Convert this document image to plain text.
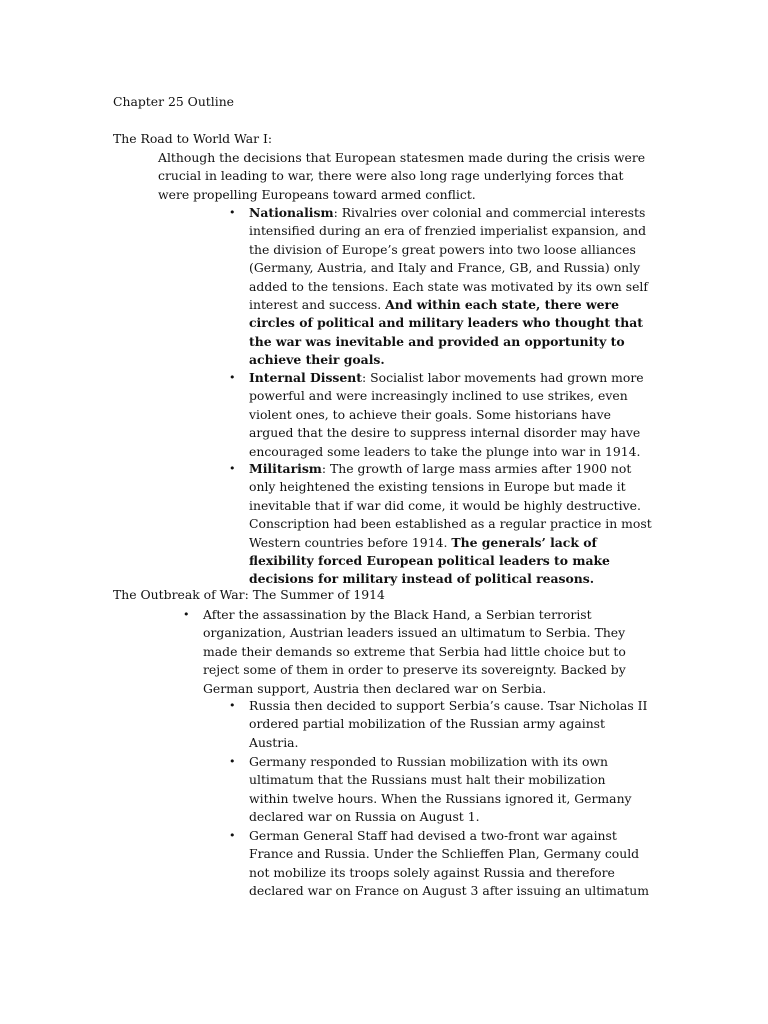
Chapter 25 Outline
The Road to World War I:
Although the decisions that European statesmen made during the crisis were
crucial in leading to war, there were also long rage underlying forces that
were propelling Europeans toward armed conflict.
• Nationalism: Rivalries over colonial and commercial interests
intensified during an era of frenzied imperialist expansion, and
the division of Europe’s great powers into two loose alliances
(Germany, Austria, and Italy and France, GB, and Russia) only
added to the tensions. Each state was motivated by its own self
interest and success. And within each state, there were
circles of political and military leaders who thought that
the war was inevitable and provided an opportunity to
achieve their goals.
• Internal Dissent: Socialist labor movements had grown more
powerful and were increasingly inclined to use strikes, even
violent ones, to achieve their goals. Some historians have
argued that the desire to suppress internal disorder may have
encouraged some leaders to take the plunge into war in 1914.
• Militarism: The growth of large mass armies after 1900 not
only heightened the existing tensions in Europe but made it
inevitable that if war did come, it would be highly destructive.
Conscription had been established as a regular practice in most
Western countries before 1914. The generals’ lack of
flexibility forced European political leaders to make
decisions for military instead of political reasons.
The Outbreak of War: The Summer of 1914
• After the assassination by the Black Hand, a Serbian terrorist
organization, Austrian leaders issued an ultimatum to Serbia. They
made their demands so extreme that Serbia had little choice but to
reject some of them in order to preserve its sovereignty. Backed by
German support, Austria then declared war on Serbia.
• Russia then decided to support Serbia’s cause. Tsar Nicholas II
ordered partial mobilization of the Russian army against
Austria.
• Germany responded to Russian mobilization with its own
ultimatum that the Russians must halt their mobilization
within twelve hours. When the Russians ignored it, Germany
declared war on Russia on August 1.
• German General Staff had devised a two-front war against
France and Russia. Under the Schlieffen Plan, Germany could
not mobilize its troops solely against Russia and therefore
declared war on France on August 3 after issuing an ultimatum
